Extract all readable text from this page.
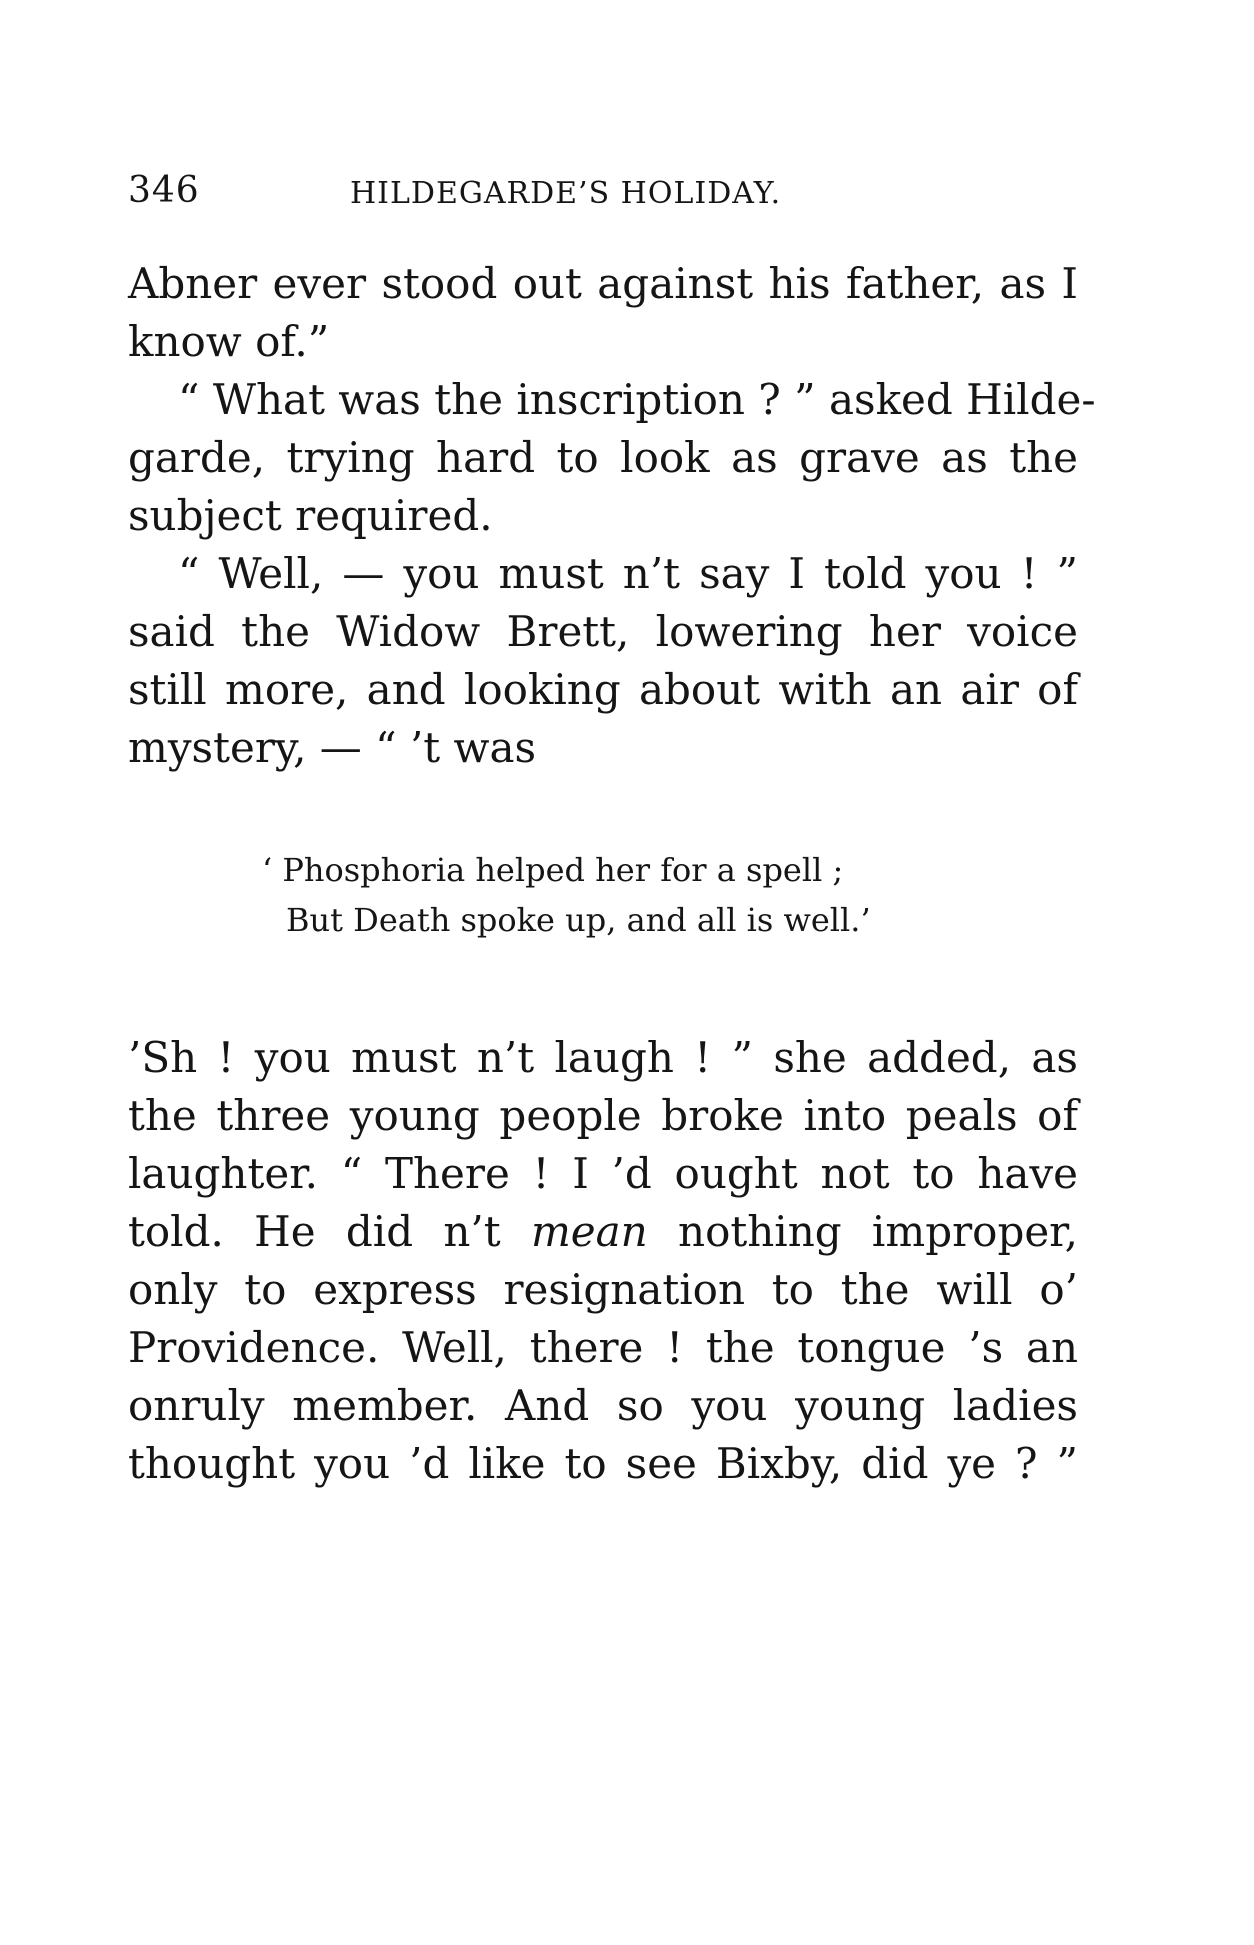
346	HILDEGARDE’S HOLIDAY.
Abner ever stood out against his father, as I
know of.”
“ What was the inscription ? ” asked Hilde-
garde, trying hard to look as grave as the
subject required.
“ Well, — you must n’t say I told you ! ”
said the Widow Brett, lowering her voice
still more, and looking about with an air of
mystery, — “ ’t was
‘ Phosphoria helped her for a spell ;
But Death spoke up, and all is well.’
’Sh ! you must n’t laugh ! ” she added, as
the three young people broke into peals of
laughter. “ There ! I ’d ought not to have
told. He did n’t mean nothing improper,
only to express resignation to the will o’
Providence. Well, there ! the tongue ’s an
onruly member. And so you young ladies
thought you ’d like to see Bixby, did ye ? ”
